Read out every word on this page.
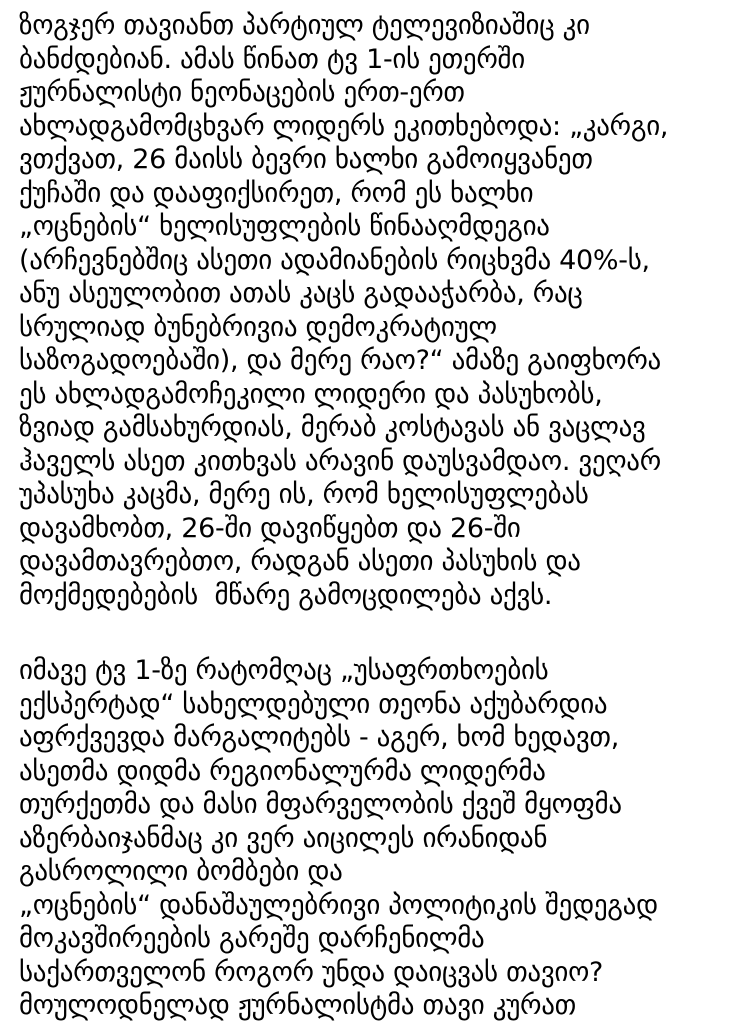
ზოგჯერ თავიანთ პარტიულ ტელევიზიაშიც კი
ბანძდებიან. ამას წინათ ტვ 1-ის ეთერში
ჟურნალისტი ნეონაცების ერთ-ერთ
ახლადგამომცხვარ ლიდერს ეკითხებოდა: „კარგი,
ვთქვათ, 26 მაისს ბევრი ხალხი გამოიყვანეთ
ქუჩაში და დააფიქსირეთ, რომ ეს ხალხი
„ოცნების“ ხელისუფლების წინააღმდეგია
(არჩევნებშიც ასეთი ადამიანების რიცხვმა 40%-ს,
ანუ ასეულობით ათას კაცს გადააჭარბა, რაც
სრულიად ბუნებრივია დემოკრატიულ
საზოგადოებაში), და მერე რაო?“ ამაზე გაიფხორა
ეს ახლადგამოჩეკილი ლიდერი და პასუხობს,
ზვიად გამსახურდიას, მერაბ კოსტავას ან ვაცლავ
ჰაველს ასეთ კითხვას არავინ დაუსვამდაო. ვეღარ
უპასუხა კაცმა, მერე ის, რომ ხელისუფლებას
დავამხობთ, 26-ში დავიწყებთ და 26-ში
დავამთავრებთო, რადგან ასეთი პასუხის და
მოქმედებების  მწარე გამოცდილება აქვს.
იმავე ტვ 1-ზე რატომღაც „უსაფრთხოების
ექსპერტად“ სახელდებული თეონა აქუბარდია
აფრქვევდა მარგალიტებს - აგერ, ხომ ხედავთ,
ასეთმა დიდმა რეგიონალურმა ლიდერმა
თურქეთმა და მასი მფარველობის ქვეშ მყოფმა
აზერბაიჯანმაც კი ვერ აიცილეს ირანიდან
გასროლილი ბომბები და
„ოცნების“ დანაშაულებრივი პოლიტიკის შედეგად
მოკავშირეების გარეშე დარჩენილმა
საქართველონ როგორ უნდა დაიცვას თავიო?
მოულოდნელად ჟურნალისტმა თავი კურათ
